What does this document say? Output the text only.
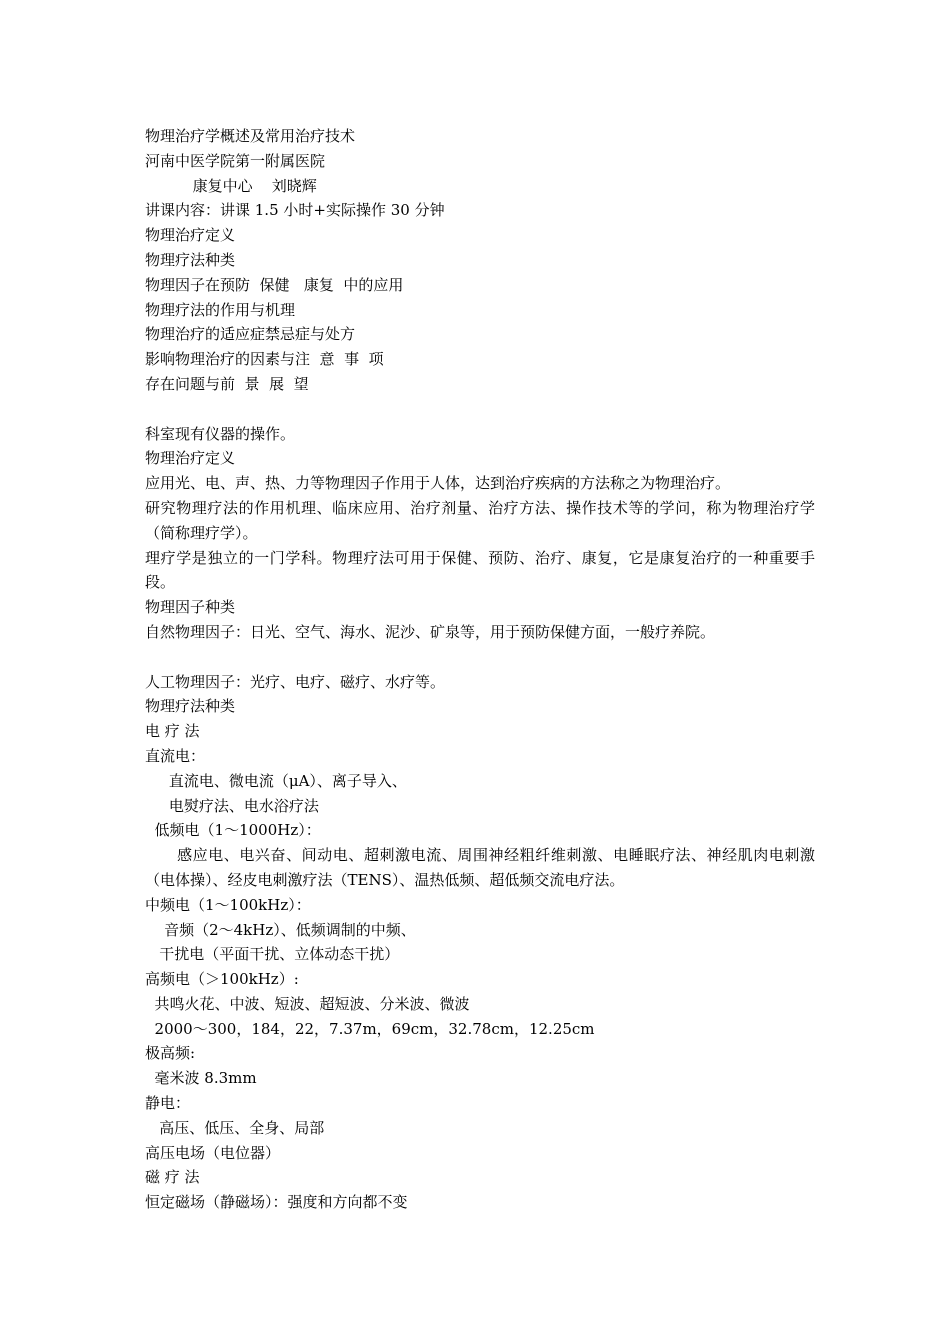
物理治疗学概述及常用治疗技术
河南中医学院第一附属医院
康复中心    刘晓辉
讲课内容：讲课 1.5 小时+实际操作 30 分钟
物理治疗定义
物理疗法种类
物理因子在预防  保健   康复  中的应用
物理疗法的作用与机理
物理治疗的适应症禁忌症与处方
影响物理治疗的因素与注  意  事  项
存在问题与前  景  展  望
科室现有仪器的操作。
物理治疗定义
应用光、电、声、热、力等物理因子作用于人体，达到治疗疾病的方法称之为物理治疗。
研究物理疗法的作用机理、临床应用、治疗剂量、治疗方法、操作技术等的学问，称为物理治疗学（简称理疗学）。
理疗学是独立的一门学科。物理疗法可用于保健、预防、治疗、康复，它是康复治疗的一种重要手段。
物理因子种类
自然物理因子：日光、空气、海水、泥沙、矿泉等，用于预防保健方面，一般疗养院。
人工物理因子：光疗、电疗、磁疗、水疗等。
物理疗法种类
电 疗 法
直流电：
直流电、微电流（μA）、离子导入、
电熨疗法、电水浴疗法
低频电（1～1000Hz）：
感应电、电兴奋、间动电、超刺激电流、周围神经粗纤维刺激、电睡眠疗法、神经肌肉电刺激（电体操）、经皮电刺激疗法（TENS）、温热低频、超低频交流电疗法。
中频电（1～100kHz）：
音频（2～4kHz）、低频调制的中频、
干扰电（平面干扰、立体动态干扰）
高频电（＞100kHz）:
共鸣火花、中波、短波、超短波、分米波、微波
2000～300，184，22，7.37m，69cm，32.78cm，12.25cm
极高频:
毫米波 8.3mm
静电：
高压、低压、全身、局部
高压电场（电位器）
磁 疗 法
恒定磁场（静磁场）：强度和方向都不变
